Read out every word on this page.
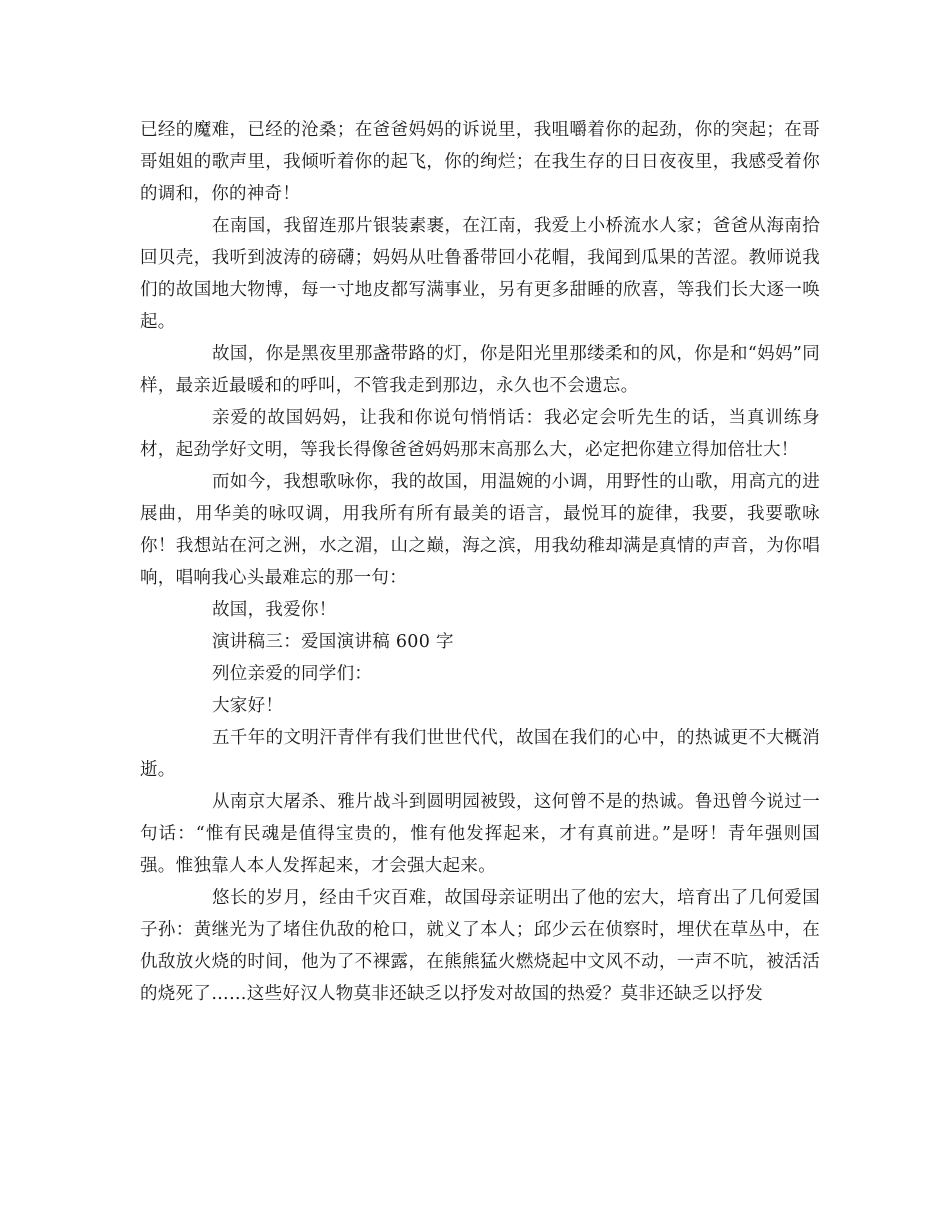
已经的魔难，已经的沧桑；在爸爸妈妈的诉说里，我咀嚼着你的起劲，你的突起；在哥哥姐姐的歌声里，我倾听着你的起飞，你的绚烂；在我生存的日日夜夜里，我感受着你的调和，你的神奇！

在南国，我留连那片银装素裹，在江南，我爱上小桥流水人家；爸爸从海南拾回贝壳，我听到波涛的磅礴；妈妈从吐鲁番带回小花帽，我闻到瓜果的苦涩。教师说我们的故国地大物博，每一寸地皮都写满事业，另有更多甜睡的欣喜，等我们长大逐一唤起。

故国，你是黑夜里那盏带路的灯，你是阳光里那缕柔和的风，你是和“妈妈”同样，最亲近最暖和的呼叫，不管我走到那边，永久也不会遗忘。

亲爱的故国妈妈，让我和你说句悄悄话：我必定会听先生的话，当真训练身材，起劲学好文明，等我长得像爸爸妈妈那末高那么大，必定把你建立得加倍壮大！

而如今，我想歌咏你，我的故国，用温婉的小调，用野性的山歌，用高亢的进展曲，用华美的咏叹调，用我所有所有最美的语言，最悦耳的旋律，我要，我要歌咏你！我想站在河之洲，水之湄，山之巅，海之滨，用我幼稚却满是真情的声音，为你唱响，唱响我心头最难忘的那一句：

故国，我爱你！

演讲稿三：爱国演讲稿 600 字

列位亲爱的同学们：

大家好！

五千年的文明汗青伴有我们世世代代，故国在我们的心中，的热诚更不大概消逝。

从南京大屠杀、雅片战斗到圆明园被毁，这何曾不是的热诚。鲁迅曾今说过一句话：“惟有民魂是值得宝贵的，惟有他发挥起来，才有真前进。”是呀！青年强则国强。惟独靠人本人发挥起来，才会强大起来。

悠长的岁月，经由千灾百难，故国母亲证明出了他的宏大，培育出了几何爱国子孙：黄继光为了堵住仇敌的枪口，就义了本人；邱少云在侦察时，埋伏在草丛中，在仇敌放火烧的时间，他为了不裸露，在熊熊猛火燃烧起中文风不动，一声不吭，被活活的烧死了……这些好汉人物莫非还缺乏以抒发对故国的热爱？莫非还缺乏以抒发
